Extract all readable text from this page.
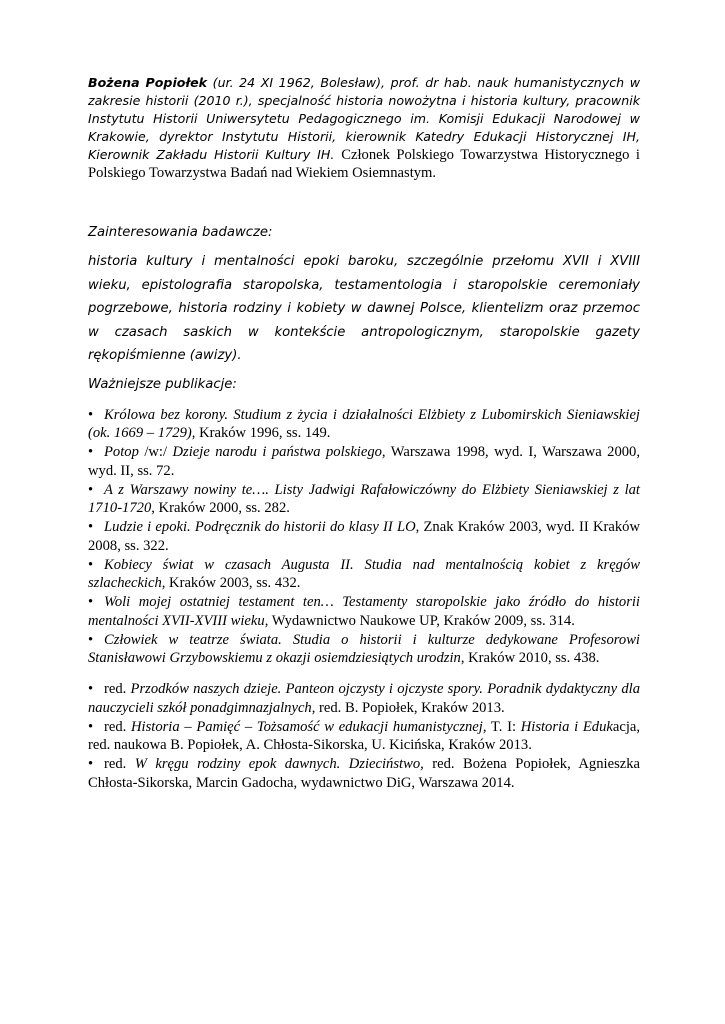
Bożena Popiołek (ur. 24 XI 1962, Bolesław), prof. dr hab. nauk humanistycznych w zakresie historii (2010 r.), specjalność historia nowożytna i historia kultury, pracownik Instytutu Historii Uniwersytetu Pedagogicznego im. Komisji Edukacji Narodowej w Krakowie, dyrektor Instytutu Historii, kierownik Katedry Edukacji Historycznej IH, Kierownik Zakładu Historii Kultury IH. Członek Polskiego Towarzystwa Historycznego i Polskiego Towarzystwa Badań nad Wiekiem Osiemnastym.

Zainteresowania badawcze:

historia kultury i mentalności epoki baroku, szczególnie przełomu XVII i XVIII wieku, epistolografia staropolska, testamentologia i staropolskie ceremoniały pogrzebowe, historia rodziny i kobiety w dawnej Polsce, klientelizm oraz przemoc w czasach saskich w kontekście antropologicznym, staropolskie gazety rękopiśmienne (awizy).

Ważniejsze publikacje:

• Królowa bez korony. Studium z życia i działalności Elżbiety z Lubomirskich Sieniawskiej (ok. 1669 – 1729), Kraków 1996, ss. 149.
• Potop /w:/ Dzieje narodu i państwa polskiego, Warszawa 1998, wyd. I, Warszawa 2000, wyd. II, ss. 72.
• A z Warszawy nowiny te…. Listy Jadwigi Rafałowiczówny do Elżbiety Sieniawskiej z lat 1710-1720, Kraków 2000, ss. 282.
• Ludzie i epoki. Podręcznik do historii do klasy II LO, Znak Kraków 2003, wyd. II Kraków 2008, ss. 322.
• Kobiecy świat w czasach Augusta II. Studia nad mentalnością kobiet z kręgów szlacheckich, Kraków 2003, ss. 432.
• Woli mojej ostatniej testament ten… Testamenty staropolskie jako źródło do historii mentalności XVII-XVIII wieku, Wydawnictwo Naukowe UP, Kraków 2009, ss. 314.
• Człowiek w teatrze świata. Studia o historii i kulturze dedykowane Profesorowi Stanisławowi Grzybowskiemu z okazji osiemdziesiątych urodzin, Kraków 2010, ss. 438.
• red. Przodków naszych dzieje. Panteon ojczysty i ojczyste spory. Poradnik dydaktyczny dla nauczycieli szkół ponadgimnazjalnych, red. B. Popiołek, Kraków 2013.
• red. Historia – Pamięć – Tożsamość w edukacji humanistycznej, T. I: Historia i Edukacja, red. naukowa B. Popiołek, A. Chłosta-Sikorska, U. Kicińska, Kraków 2013.
• red. W kręgu rodziny epok dawnych. Dzieciństwo, red. Bożena Popiołek, Agnieszka Chłosta-Sikorska, Marcin Gadocha, wydawnictwo DiG, Warszawa 2014.
